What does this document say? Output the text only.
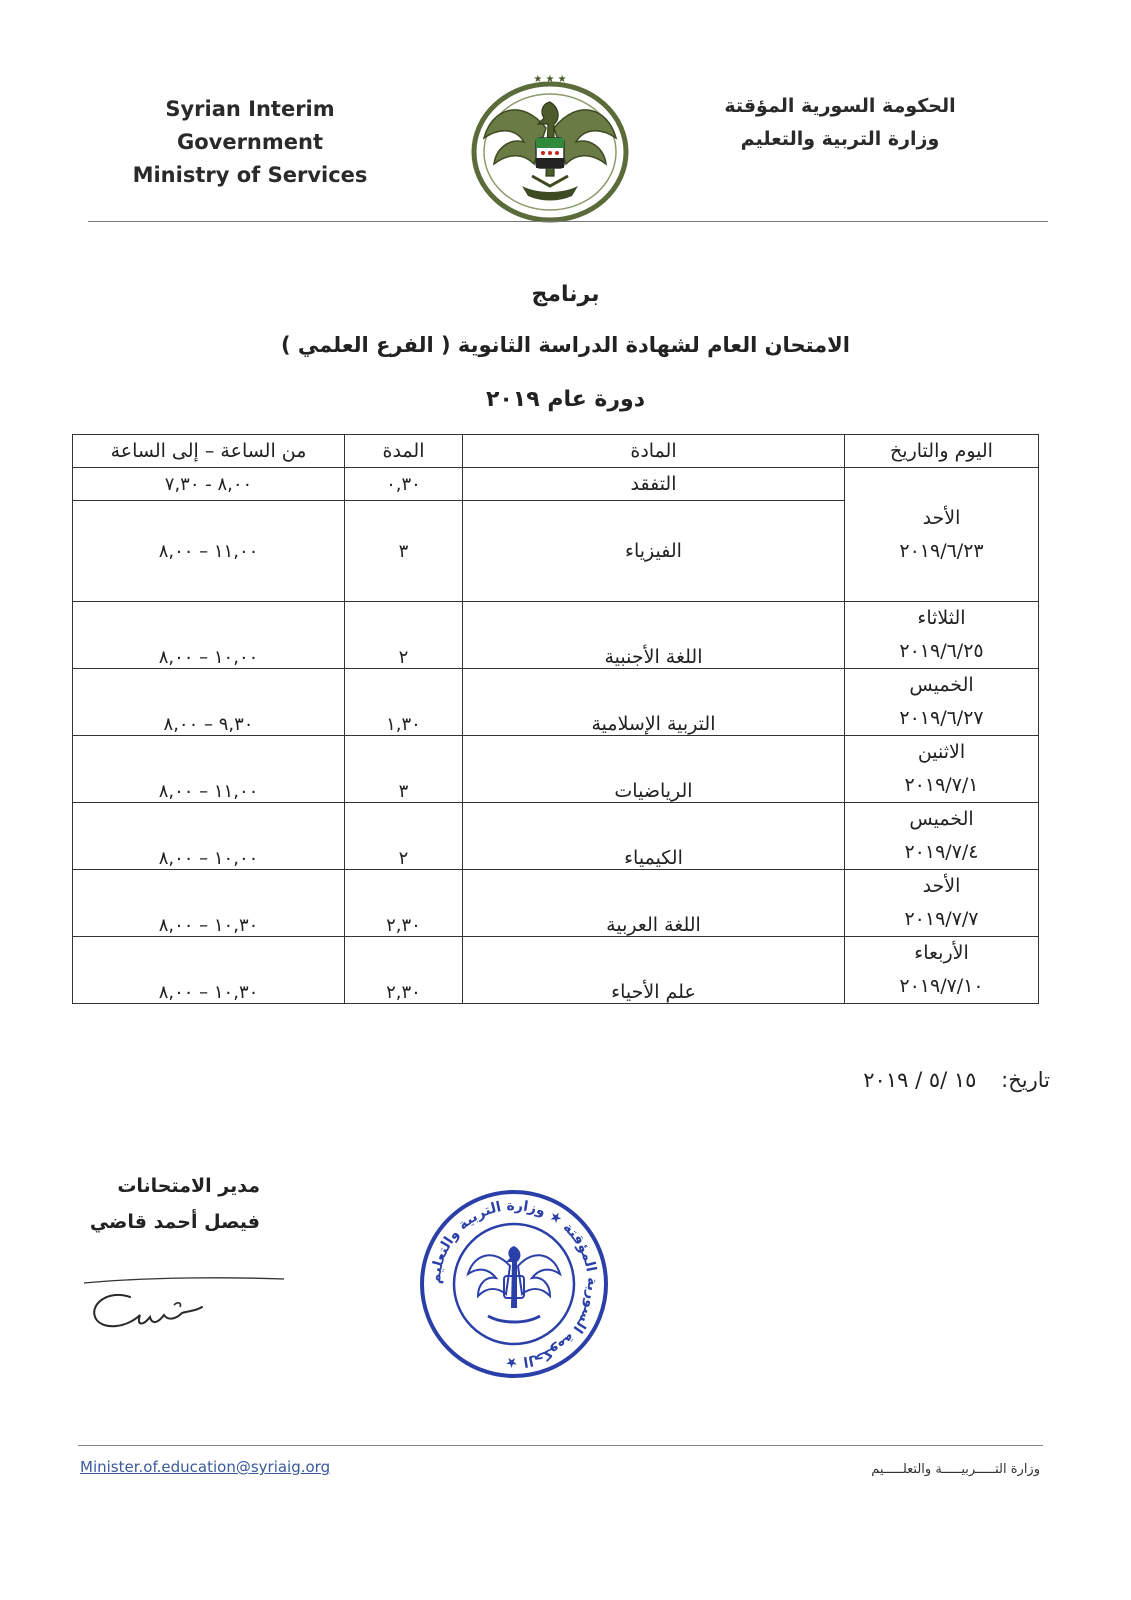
Syrian Interim Government
Ministry of Services
★ ★ ★
الحكومة السورية المؤقتة
وزارة التربية والتعليم
برنامج
الامتحان العام لشهادة الدراسة الثانوية ( الفرع العلمي )
دورة عام ٢٠١٩
اليوم والتاريخ	المادة	المدة	من الساعة – إلى الساعة

الأحد
٢٠١٩/٦/٢٣	التفقد	٠,٣٠	٨,٠٠ - ٧,٣٠
	الفيزياء	٣	١١,٠٠ – ٨,٠٠

الثلاثاء
٢٠١٩/٦/٢٥	اللغة الأجنبية	٢	١٠,٠٠ – ٨,٠٠

الخميس
٢٠١٩/٦/٢٧	التربية الإسلامية	١,٣٠	٩,٣٠ – ٨,٠٠

الاثنين
٢٠١٩/٧/١	الرياضيات	٣	١١,٠٠ – ٨,٠٠

الخميس
٢٠١٩/٧/٤	الكيمياء	٢	١٠,٠٠ – ٨,٠٠

الأحد
٢٠١٩/٧/٧	اللغة العربية	٢,٣٠	١٠,٣٠ – ٨,٠٠

الأربعاء
٢٠١٩/٧/١٠	علم الأحياء	٢,٣٠	١٠,٣٠ – ٨,٠٠
تاريخ: ١٥ /٥ / ٢٠١٩
مدير الامتحانات
فيصل أحمد قاضي
الحكومة السورية المؤقتة ★ وزارة التربية والتعليم ★
Minister.of.education@syriaig.org	وزارة التـــــربيـــــة والتعلـــــيم
